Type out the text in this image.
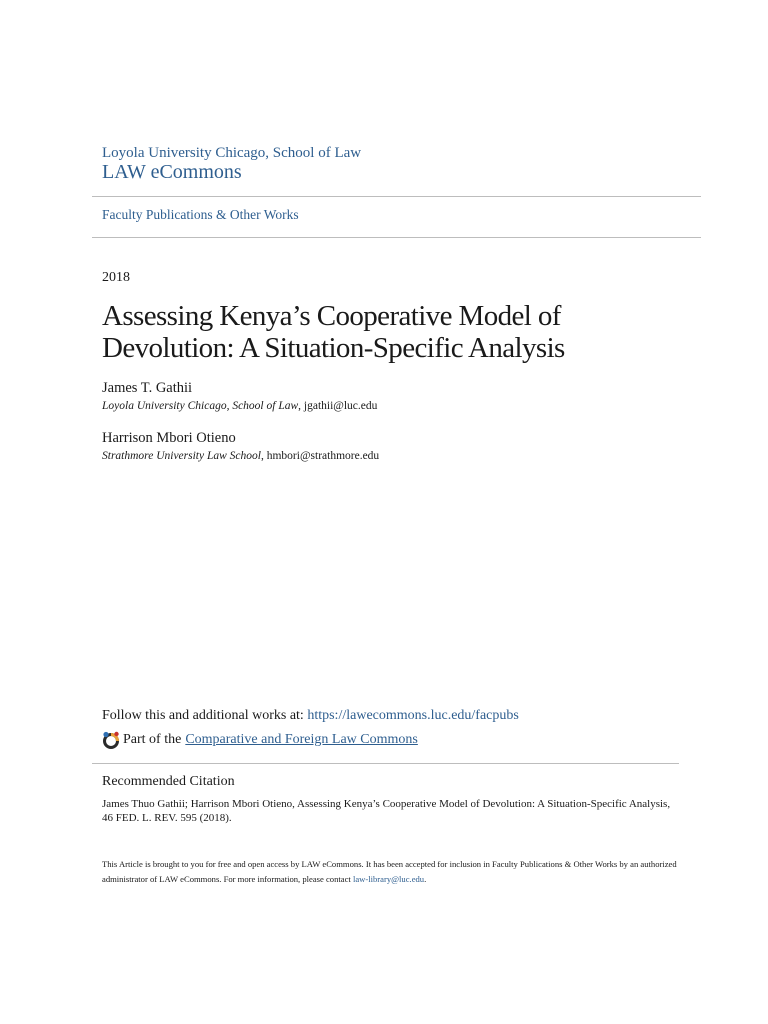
Loyola University Chicago, School of Law
LAW eCommons
Faculty Publications & Other Works
2018
Assessing Kenya’s Cooperative Model of Devolution: A Situation-Specific Analysis
James T. Gathii
Loyola University Chicago, School of Law, jgathii@luc.edu
Harrison Mbori Otieno
Strathmore University Law School, hmbori@strathmore.edu
Follow this and additional works at: https://lawecommons.luc.edu/facpubs
Part of the Comparative and Foreign Law Commons
Recommended Citation
James Thuo Gathii; Harrison Mbori Otieno, Assessing Kenya’s Cooperative Model of Devolution: A Situation-Specific Analysis, 46 FED. L. REV. 595 (2018).
This Article is brought to you for free and open access by LAW eCommons. It has been accepted for inclusion in Faculty Publications & Other Works by an authorized administrator of LAW eCommons. For more information, please contact law-library@luc.edu.
